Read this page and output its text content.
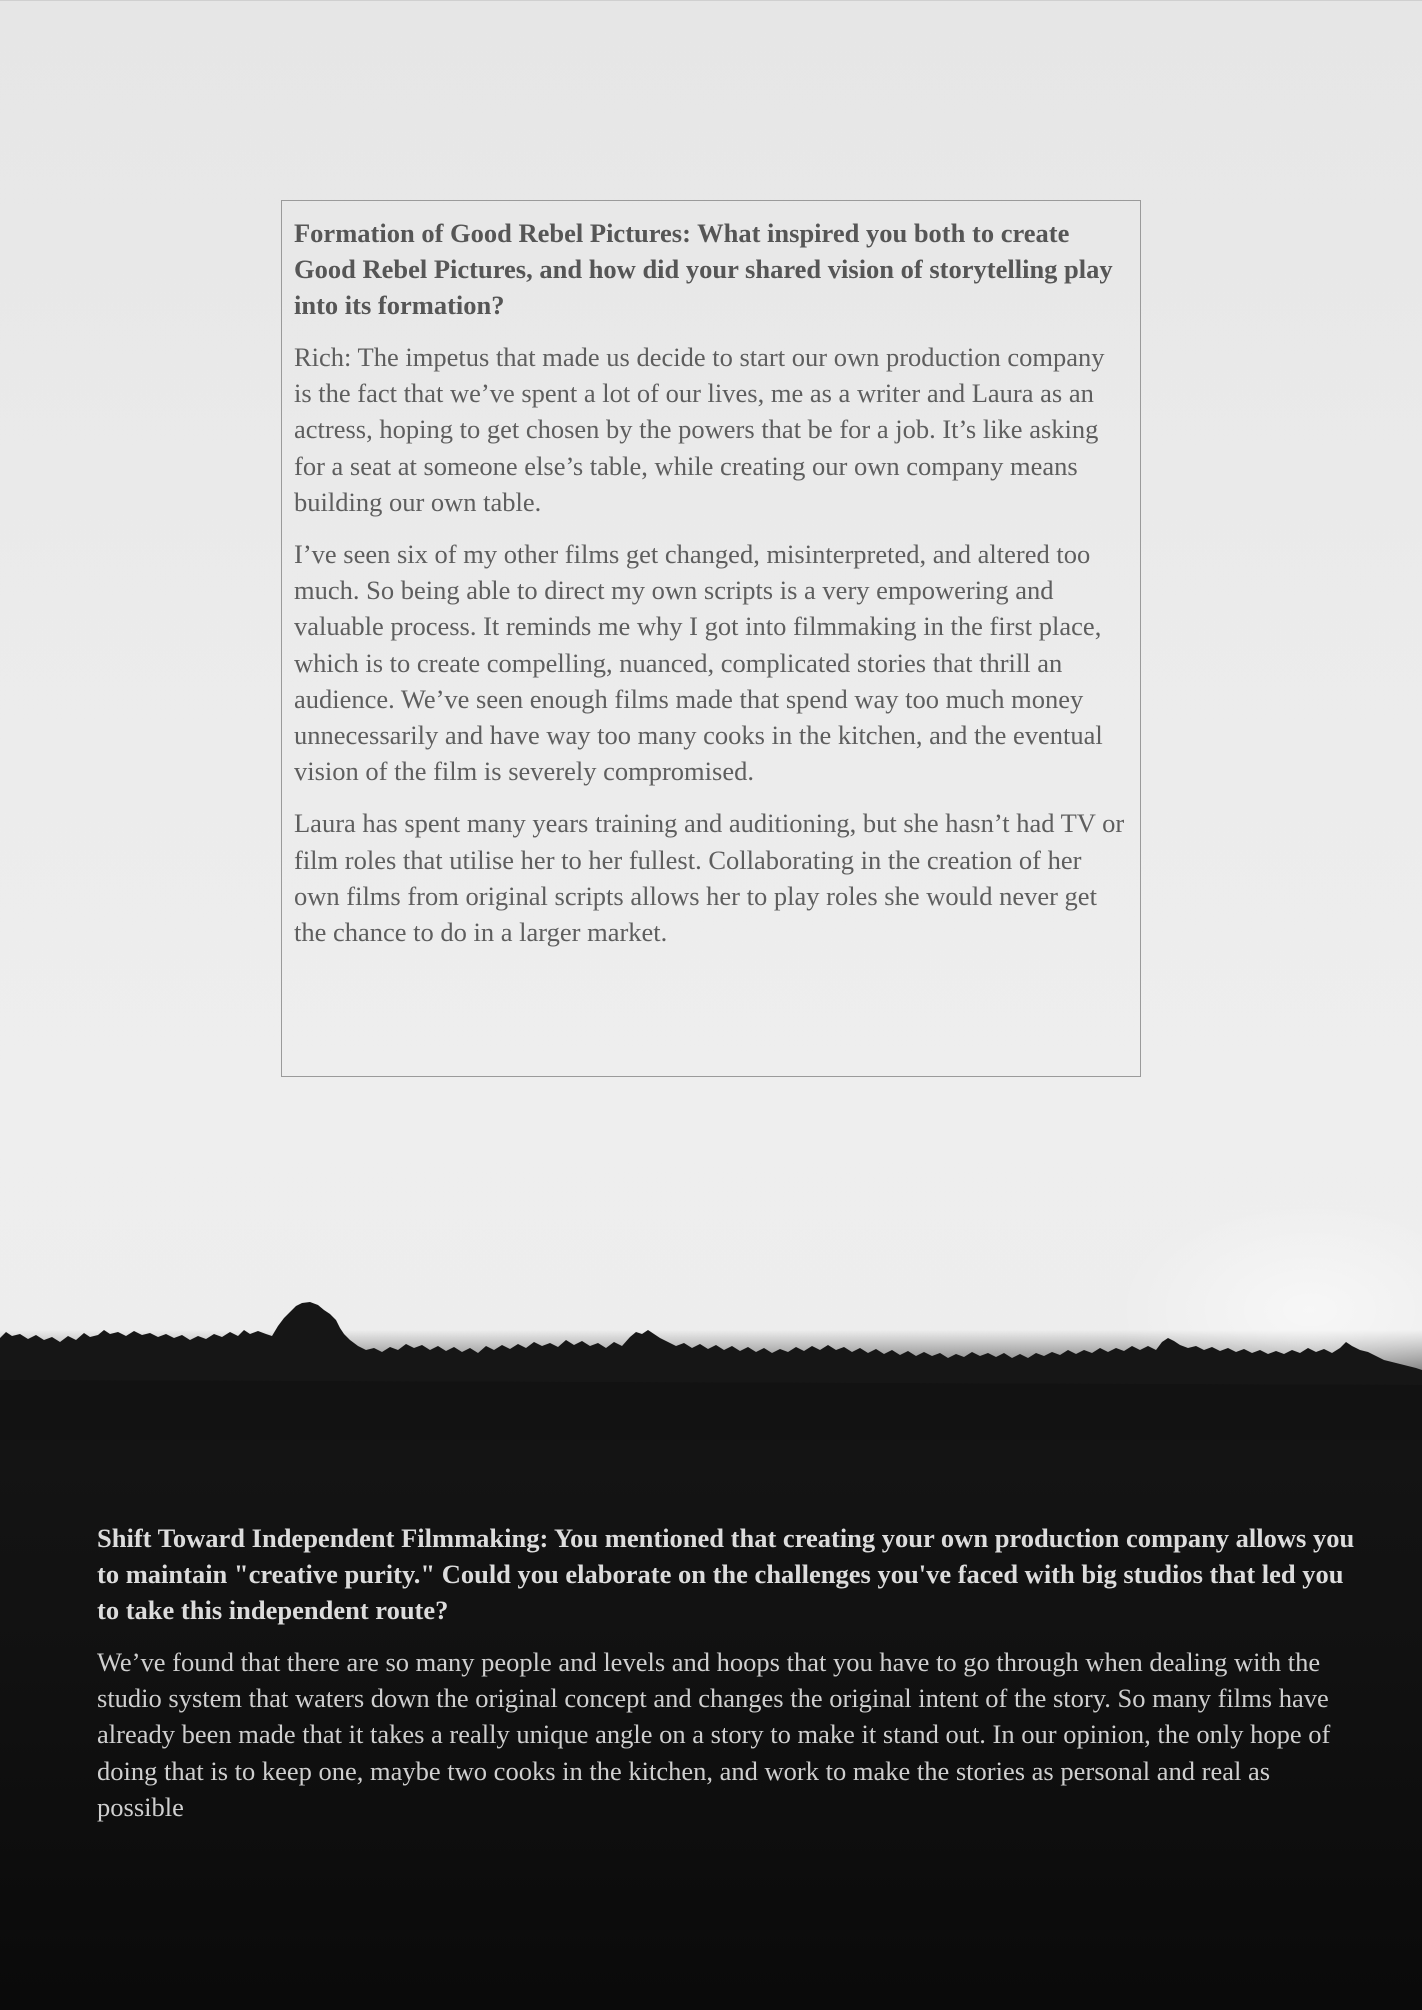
Formation of Good Rebel Pictures: What inspired you both to create Good Rebel Pictures, and how did your shared vision of storytelling play into its formation?

Rich: The impetus that made us decide to start our own production company is the fact that we’ve spent a lot of our lives, me as a writer and Laura as an actress, hoping to get chosen by the powers that be for a job. It’s like asking for a seat at someone else’s table, while creating our own company means building our own table.

I’ve seen six of my other films get changed, misinterpreted, and altered too much. So being able to direct my own scripts is a very empowering and valuable process. It reminds me why I got into filmmaking in the first place, which is to create compelling, nuanced, complicated stories that thrill an audience. We’ve seen enough films made that spend way too much money unnecessarily and have way too many cooks in the kitchen, and the eventual vision of the film is severely compromised.

Laura has spent many years training and auditioning, but she hasn’t had TV or film roles that utilise her to her fullest. Collaborating in the creation of her own films from original scripts allows her to play roles she would never get the chance to do in a larger market.

Shift Toward Independent Filmmaking: You mentioned that creating your own production company allows you to maintain "creative purity." Could you elaborate on the challenges you've faced with big studios that led you to take this independent route?

We’ve found that there are so many people and levels and hoops that you have to go through when dealing with the studio system that waters down the original concept and changes the original intent of the story. So many films have already been made that it takes a really unique angle on a story to make it stand out. In our opinion, the only hope of doing that is to keep one, maybe two cooks in the kitchen, and work to make the stories as personal and real as possible
